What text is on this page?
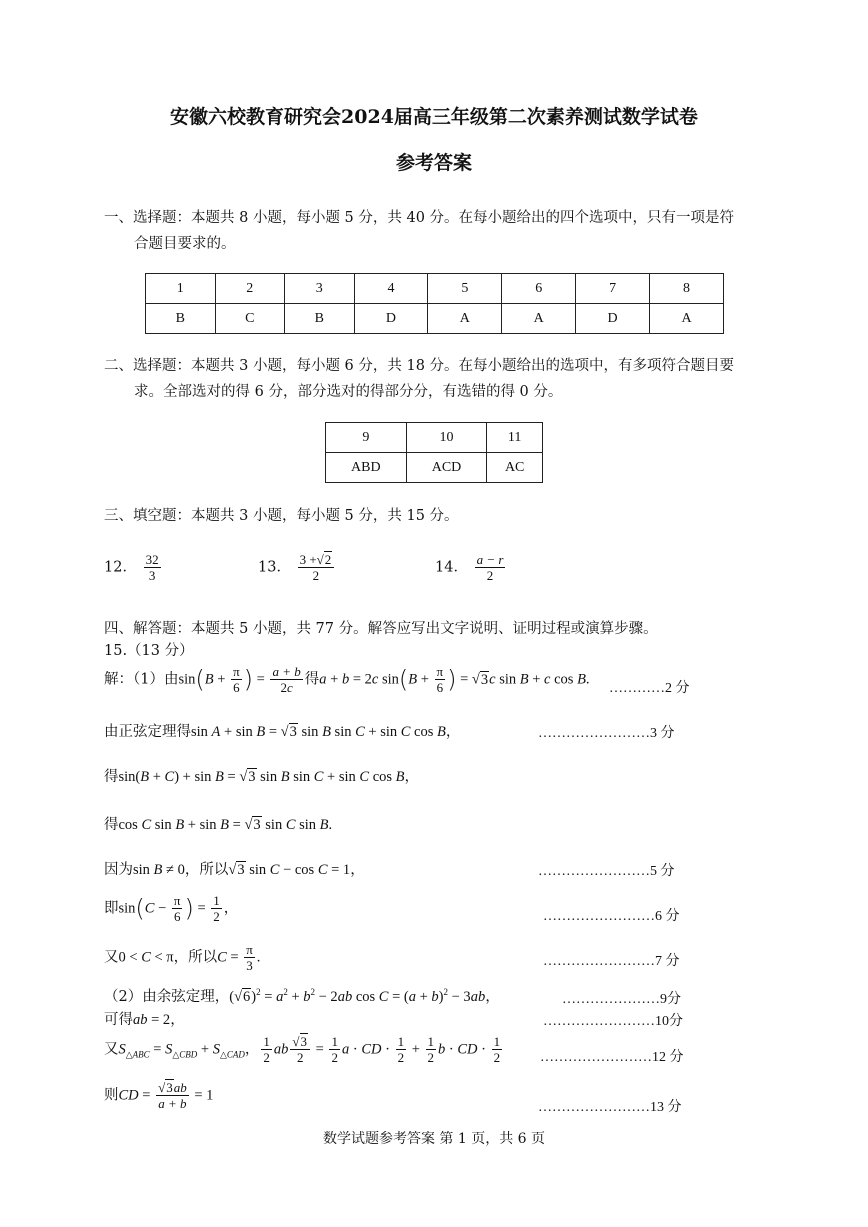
安徽六校教育研究会2024届高三年级第二次素养测试数学试卷
参考答案
一、选择题：本题共 8 小题，每小题 5 分，共 40 分。在每小题给出的四个选项中，只有一项是符
合题目要求的。
1	2	3	4	5	6	7	8
B	C	B	D	A	A	D	A
二、选择题：本题共 3 小题，每小题 6 分，共 18 分。在每小题给出的选项中，有多项符合题目要
求。全部选对的得 6 分，部分选对的得部分分，有选错的得 0 分。
9	10	11
ABD	ACD	AC
三、填空题：本题共 3 小题，每小题 5 分，共 15 分。
12． $\frac{32}{3}$	13． $\frac{3 +√2}{2}$	14． $\frac{a - r}{2}$
四、解答题：本题共 5 小题，共 77 分。解答应写出文字说明、证明过程或演算步骤。
15.（13 分）
解：（1）由$\sin(B + \frac{\pi}{6}$ ) = $\frac{a + b}{2c}$ 得a + b = 2c $\sin(B + \frac{\pi}{6}$ ) = √3c sin B + c cos B.
…………2 分
由正弦定理得sin A + sin B = √3 sin B sin C + sin C cos B，	……………………3 分
得sin(B + C) + sin B = √3 sin B sin C + sin C cos B，
得cos C sin B + sin B = √3 sin C sin B.
因为sin B ≠ 0，所以√3 sin C − cos C = 1，	……………………5 分
即$\sin(C - \frac{\pi}{6}$ ) = $\frac{1}{2}$ ，	……………………6 分
又0 < C < π，所以$C = \frac{\pi}{3}$ .	……………………7 分
（2）由余弦定理，$(√6)^2 = a^2 + b^2 - 2ab$ $\cos C = (a + b)^2 - 3ab$，	…………………9分
可得ab = 2，	……………………10分
又$S_{\triangle ABC} = S_{\triangle CBD} + S_{\triangle CAD}$， $\frac{1}{2}$ ab $\frac{√3}{2} = \frac{1}{2}$ a · CD · $\frac{1}{2} + \frac{1}{2}$ b · CD · $\frac{1}{2}$	……………………12 分
则CD = $\frac{√3ab}{a + b} = 1$
……………………13 分
数学试题参考答案 第 1 页，共 6 页
